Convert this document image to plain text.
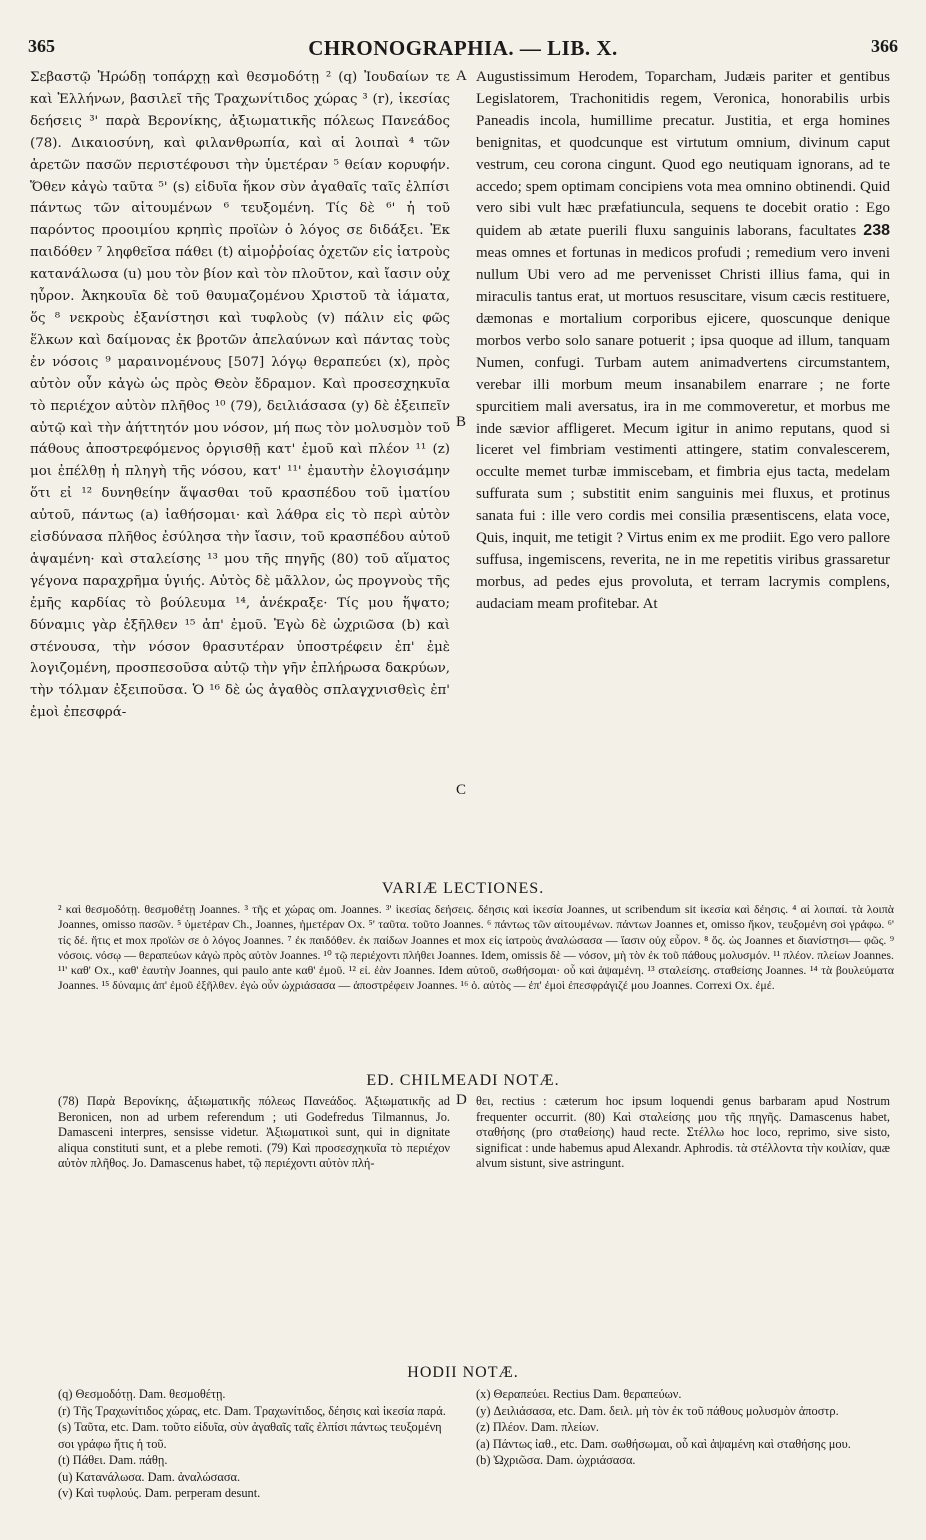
365	CHRONOGRAPHIA. — LIB. X.	366

Σεβαστῷ Ἡρώδῃ τοπάρχῃ καὶ θεσμοδότῃ ² (q) Ἰουδαίων τε καὶ Ἑλλήνων, βασιλεῖ τῆς Τραχωνίτιδος χώρας ³ (r), ἱκεσίας δεήσεις ³' παρὰ Βερονίκης, ἀξιωματικῆς πόλεως Πανεάδος (78). Δικαιοσύνη, καὶ φιλανθρωπία, καὶ αἱ λοιπαὶ ⁴ τῶν ἀρετῶν πασῶν περιστέφουσι τὴν ὑμετέραν ⁵ θείαν κορυφήν. Ὅθεν κἀγὼ ταῦτα ⁵' (s) εἰδυῖα ἥκον σὺν ἀγαθαῖς ταῖς ἐλπίσι πάντως τῶν αἰτουμένων ⁶ τευξομένη. Τίς δὲ ⁶' ἡ τοῦ παρόντος προοιμίου κρηπὶς προϊὼν ὁ λόγος σε διδάξει. Ἐκ παιδόθεν ⁷ ληφθεῖσα πάθει (t) αἱμοῤῥοίας ὀχετῶν εἰς ἰατροὺς κατανάλωσα (u) μου τὸν βίον καὶ τὸν πλοῦτον, καὶ ἴασιν οὐχ ηὗρον. Ἀκηκουῖα δὲ τοῦ θαυμαζομένου Χριστοῦ τὰ ἰάματα, ὅς ⁸ νεκροὺς ἐξανίστησι καὶ τυφλοὺς (v) πάλιν εἰς φῶς ἕλκων καὶ δαίμονας ἐκ βροτῶν ἀπελαύνων καὶ πάντας τοὺς ἐν νόσοις ⁹ μαραινομένους [507] λόγῳ θεραπεύει (x), πρὸς αὐτὸν οὖν κἀγὼ ὡς πρὸς Θεὸν ἔδραμον. Καὶ προσεσχηκυῖα τὸ περιέχον αὐτὸν πλῆθος ¹⁰ (79), δειλιάσασα (y) δὲ ἐξειπεῖν αὐτῷ καὶ τὴν ἀήττητόν μου νόσον, μή πως τὸν μολυσμὸν τοῦ πάθους ἀποστρεφόμενος ὀργισθῇ κατ' ἐμοῦ καὶ πλέον ¹¹ (z) μοι ἐπέλθῃ ἡ πληγὴ τῆς νόσου, κατ' ¹¹' ἐμαυτὴν ἐλογισάμην ὅτι εἰ ¹² δυνηθείην ἅψασθαι τοῦ κρασπέδου τοῦ ἱματίου αὐτοῦ, πάντως (a) ἰαθήσομαι· καὶ λάθρα εἰς τὸ περὶ αὐτὸν εἰσδύνασα πλῆθος ἐσύλησα τὴν ἴασιν, τοῦ κρασπέδου αὐτοῦ ἁψαμένη· καὶ σταλείσης ¹³ μου τῆς πηγῆς (80) τοῦ αἵματος γέγονα παραχρῆμα ὑγιής. Αὐτὸς δὲ μᾶλλον, ὡς προγνοὺς τῆς ἐμῆς καρδίας τὸ βούλευμα ¹⁴, ἀνέκραξε· Τίς μου ἥψατο; δύναμις γὰρ ἐξῆλθεν ¹⁵ ἀπ' ἐμοῦ. Ἐγὼ δὲ ὠχριῶσα (b) καὶ στένουσα, τὴν νόσον θρασυτέραν ὑποστρέφειν ἐπ' ἐμὲ λογιζομένη, προσπεσοῦσα αὐτῷ τὴν γῆν ἐπλήρωσα δακρύων, τὴν τόλμαν ἐξειποῦσα. Ὁ ¹⁶ δὲ ὡς ἀγαθὸς σπλαγχνισθεὶς ἐπ' ἐμοὶ ἐπεσφρά-

A
B
C

Augustissimum Herodem, Toparcham, Judæis pariter et gentibus Legislatorem, Trachonitidis regem, Veronica, honorabilis urbis Paneadis incola, humillime precatur. Justitia, et erga homines benignitas, et quodcunque est virtutum omnium, divinum caput vestrum, ceu corona cingunt. Quod ego neutiquam ignorans, ad te accedo; spem optimam concipiens vota mea omnino obtinendi. Quid vero sibi vult hæc præfatiuncula, sequens te docebit oratio : Ego quidem ab ætate puerili fluxu sanguinis laborans, facultates 238 meas omnes et fortunas in medicos profudi ; remedium vero inveni nullum Ubi vero ad me pervenisset Christi illius fama, qui in miraculis tantus erat, ut mortuos resuscitare, visum cæcis restituere, dæmonas e mortalium corporibus ejicere, quoscunque denique morbos verbo solo sanare potuerit ; ipsa quoque ad illum, tanquam Numen, confugi. Turbam autem animadvertens circumstantem, verebar illi morbum meum insanabilem enarrare ; ne forte spurcitiem mali aversatus, ira in me commoveretur, et morbus me inde sævior affligeret. Mecum igitur in animo reputans, quod si liceret vel fimbriam vestimenti attingere, statim convalescerem, occulte memet turbæ immiscebam, et fimbria ejus tacta, medelam suffurata sum ; substitit enim sanguinis mei fluxus, et protinus sanata fui : ille vero cordis mei consilia præsentiscens, elata voce, Quis, inquit, me tetigit ? Virtus enim ex me prodiit. Ego vero pallore suffusa, ingemiscens, reverita, ne in me repetitis viribus grassaretur morbus, ad pedes ejus provoluta, et terram lacrymis complens, audaciam meam profitebar. At

VARIÆ LECTIONES.

² καὶ θεσμοδότῃ. θεσμοθέτῃ Joannes. ³ τῆς et χώρας om. Joannes. ³' ἱκεσίας δεήσεις. δέησις καὶ ἱκεσία Joannes, ut scribendum sit ἱκεσία καὶ δέησις. ⁴ αἱ λοιπαί. τὰ λοιπὰ Joannes, omisso πασῶν. ⁵ ὑμετέραν Ch., Joannes, ἡμετέραν Ox. ⁵' ταῦτα. τοῦτο Joannes. ⁶ πάντως τῶν αἰτουμένων. πάντων Joannes et, omisso ἥκον, τευξομένη σοὶ γράφω. ⁶' τίς δέ. ἥτις et mox προϊὼν σε ὁ λόγος Joannes. ⁷ ἐκ παιδόθεν. ἐκ παίδων Joannes et mox εἰς ἰατροὺς ἀναλώσασα — ἴασιν οὐχ εὗρον. ⁸ ὅς. ὡς Joannes et διανίστησι— φῶς. ⁹ νόσοις. νόσῳ — θεραπεύων κἀγὼ πρὸς αὐτὸν Joannes. ¹⁰ τῷ περιέχοντι πλήθει Joannes. Idem, omissis δὲ — νόσον, μὴ τὸν ἐκ τοῦ πάθους μολυσμόν. ¹¹ πλέον. πλείων Joannes. ¹¹' καθ' Ox., καθ' ἑαυτὴν Joannes, qui paulo ante καθ' ἐμοῦ. ¹² εἰ. ἐὰν Joannes. Idem αὐτοῦ, σωθήσομαι· οὗ καὶ ἁψαμένη. ¹³ σταλείσης. σταθείσης Joannes. ¹⁴ τὰ βουλεύματα Joannes. ¹⁵ δύναμις ἀπ' ἐμοῦ ἐξῆλθεν. ἐγὼ οὖν ὠχριάσασα — ἀποστρέφειν Joannes. ¹⁶ ὁ. αὐτὸς — ἐπ' ἐμοὶ ἐπεσφράγιζέ μου Joannes. Correxi Ox. ἐμέ.

ED. CHILMEADI NOTÆ.

(78) Παρὰ Βερονίκης, ἀξιωματικῆς πόλεως Πανεάδος. Ἀξιωματικῆς ad Beronicen, non ad urbem referendum ; uti Godefredus Tilmannus, Jo. Damasceni interpres, sensisse videtur. Ἀξιωματικοὶ sunt, qui in dignitate aliqua constituti sunt, et a plebe remoti. (79) Καὶ προσεσχηκυῖα τὸ περιέχον αὐτὸν πλῆθος. Jo. Damascenus habet, τῷ περιέχοντι αὐτὸν πλή-

D θει, rectius : cæterum hoc ipsum loquendi genus barbaram apud Nostrum frequenter occurrit. (80) Καὶ σταλείσης μου τῆς πηγῆς. Damascenus habet, σταθήσης (pro σταθείσης) haud recte. Στέλλω hoc loco, reprimo, sive sisto, significat : unde habemus apud Alexandr. Aphrodis. τὰ στέλλοντα τὴν κοιλίαν, quæ alvum sistunt, sive astringunt.

HODII NOTÆ.

(q) Θεσμοδότῃ. Dam. θεσμοθέτῃ.

(r) Τῆς Τραχωνίτιδος χώρας, etc. Dam. Τραχωνίτιδος, δέησις καὶ ἱκεσία παρά.

(s) Ταῦτα, etc. Dam. τοῦτο εἰδυῖα, σὺν ἀγαθαῖς ταῖς ἐλπίσι πάντως τευξομένη σοι γράφω ἥτις ἡ τοῦ.

(t) Πάθει. Dam. πάθῃ.

(u) Κατανάλωσα. Dam. ἀναλώσασα.

(v) Καὶ τυφλούς. Dam. perperam desunt.

(x) Θεραπεύει. Rectius Dam. θεραπεύων.

(y) Δειλιάσασα, etc. Dam. δειλ. μὴ τὸν ἐκ τοῦ πάθους μολυσμὸν ἀποστρ.

(z) Πλέον. Dam. πλείων.

(a) Πάντως ἰαθ., etc. Dam. σωθήσωμαι, οὗ καὶ ἁψαμένη καὶ σταθήσης μου.

(b) Ὠχριῶσα. Dam. ὠχριάσασα.
